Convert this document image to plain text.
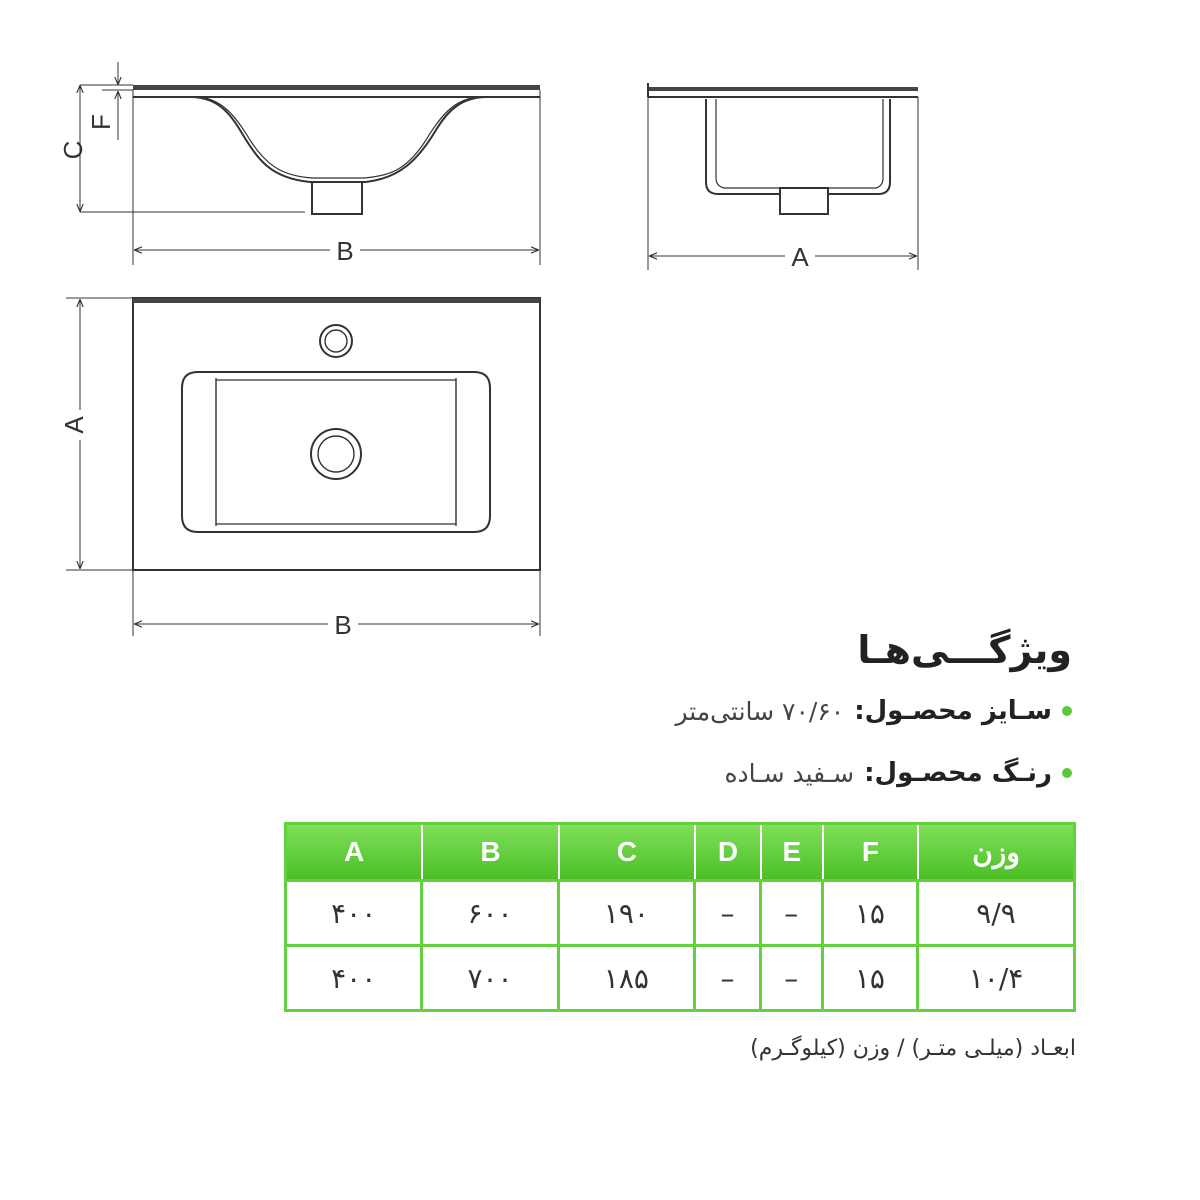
C
F
B	A
A
B
ویژگـــی‌هـا
سـایز محصـول:
۷۰/۶۰ سانتی‌متر
رنـگ محصـول:
سـفید سـاده
A	B	C	D	E	F	وزن
۴۰۰	۶۰۰	۱۹۰	–	–	۱۵	۹/۹
۴۰۰	۷۰۰	۱۸۵	–	–	۱۵	۱۰/۴
ابعـاد (میلـی متـر) / وزن (کیلوگـرم)
